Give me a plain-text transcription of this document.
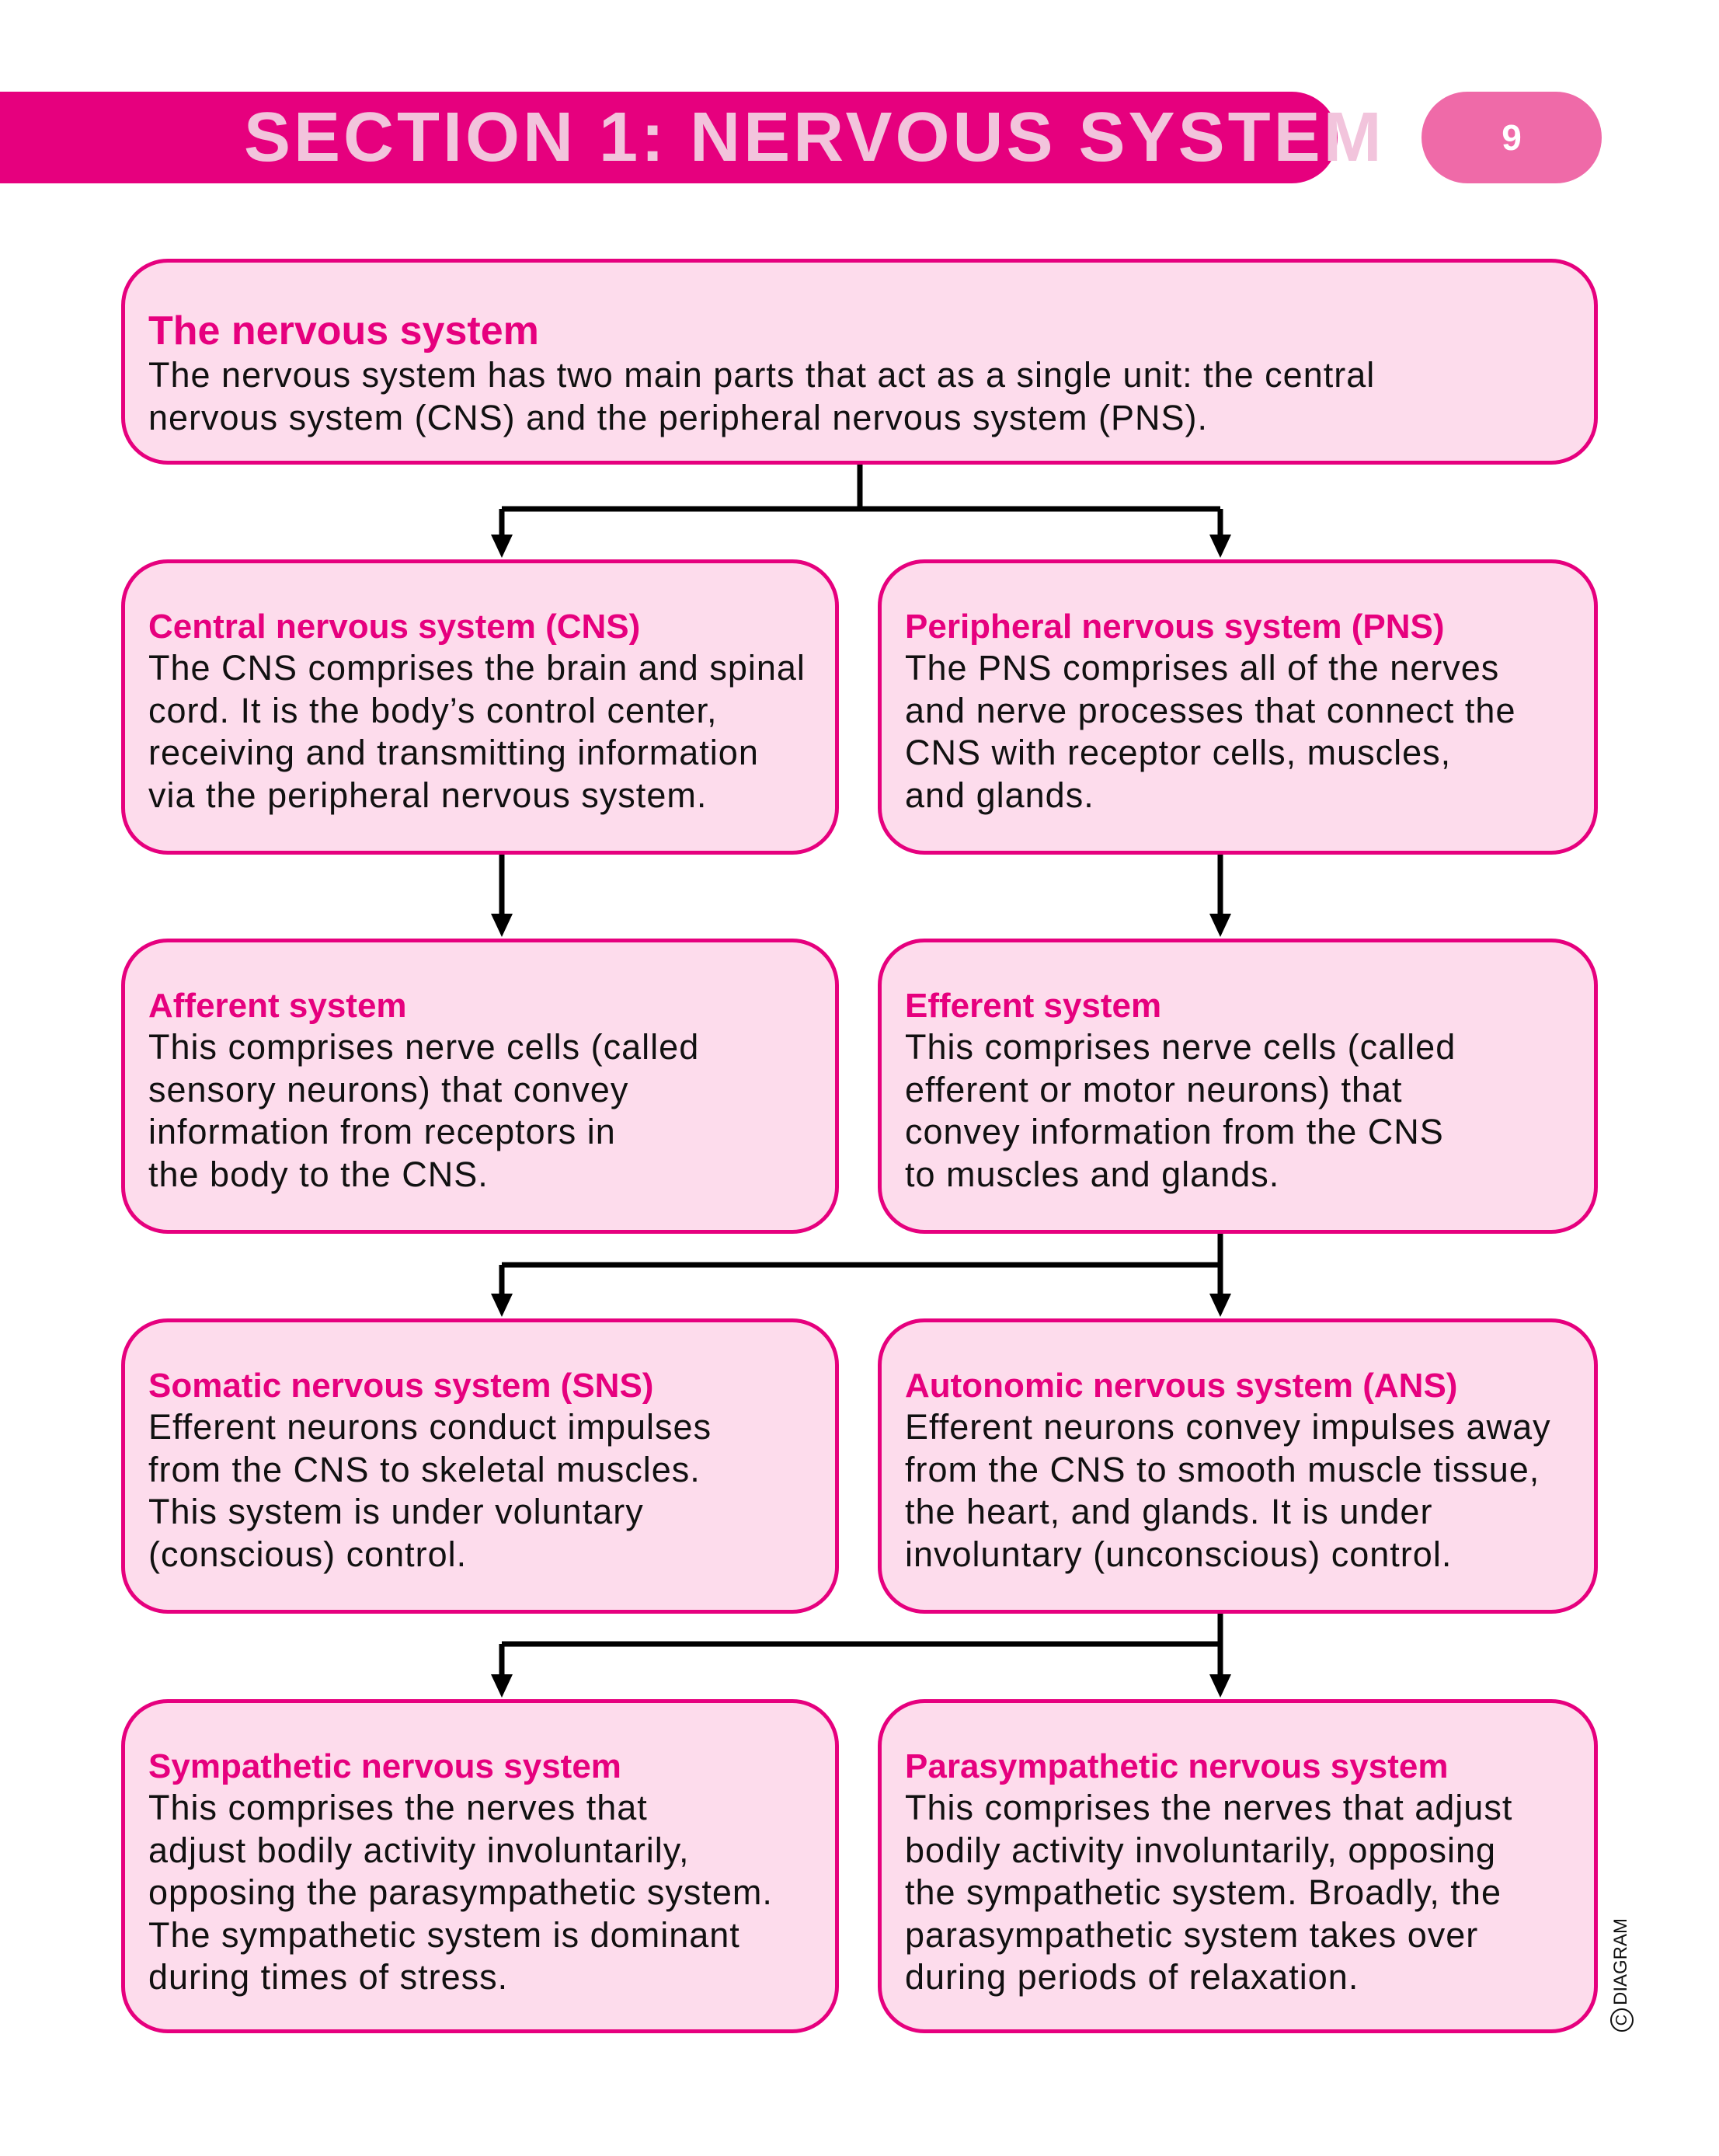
SECTION 1: NERVOUS SYSTEM	9
The nervous system
The nervous system has two main parts that act as a single unit: the central
nervous system (CNS) and the peripheral nervous system (PNS).
Central nervous system (CNS)
The CNS comprises the brain and spinal
cord. It is the body’s control center,
receiving and transmitting information
via the peripheral nervous system.
Peripheral nervous system (PNS)
The PNS comprises all of the nerves
and nerve processes that connect the
CNS with receptor cells, muscles,
and glands.
Afferent system
This comprises nerve cells (called
sensory neurons) that convey
information from receptors in
the body to the CNS.
Efferent system
This comprises nerve cells (called
efferent or motor neurons) that
convey information from the CNS
to muscles and glands.
Somatic nervous system (SNS)
Efferent neurons conduct impulses
from the CNS to skeletal muscles.
This system is under voluntary
(conscious) control.
Autonomic nervous system (ANS)
Efferent neurons convey impulses away
from the CNS to smooth muscle tissue,
the heart, and glands. It is under
involuntary (unconscious) control.
Sympathetic nervous system
This comprises the nerves that
adjust bodily activity involuntarily,
opposing the parasympathetic system.
The sympathetic system is dominant
during times of stress.
Parasympathetic nervous system
This comprises the nerves that adjust
bodily activity involuntarily, opposing
the sympathetic system. Broadly, the
parasympathetic system takes over
during periods of relaxation.
CDIAGRAM
